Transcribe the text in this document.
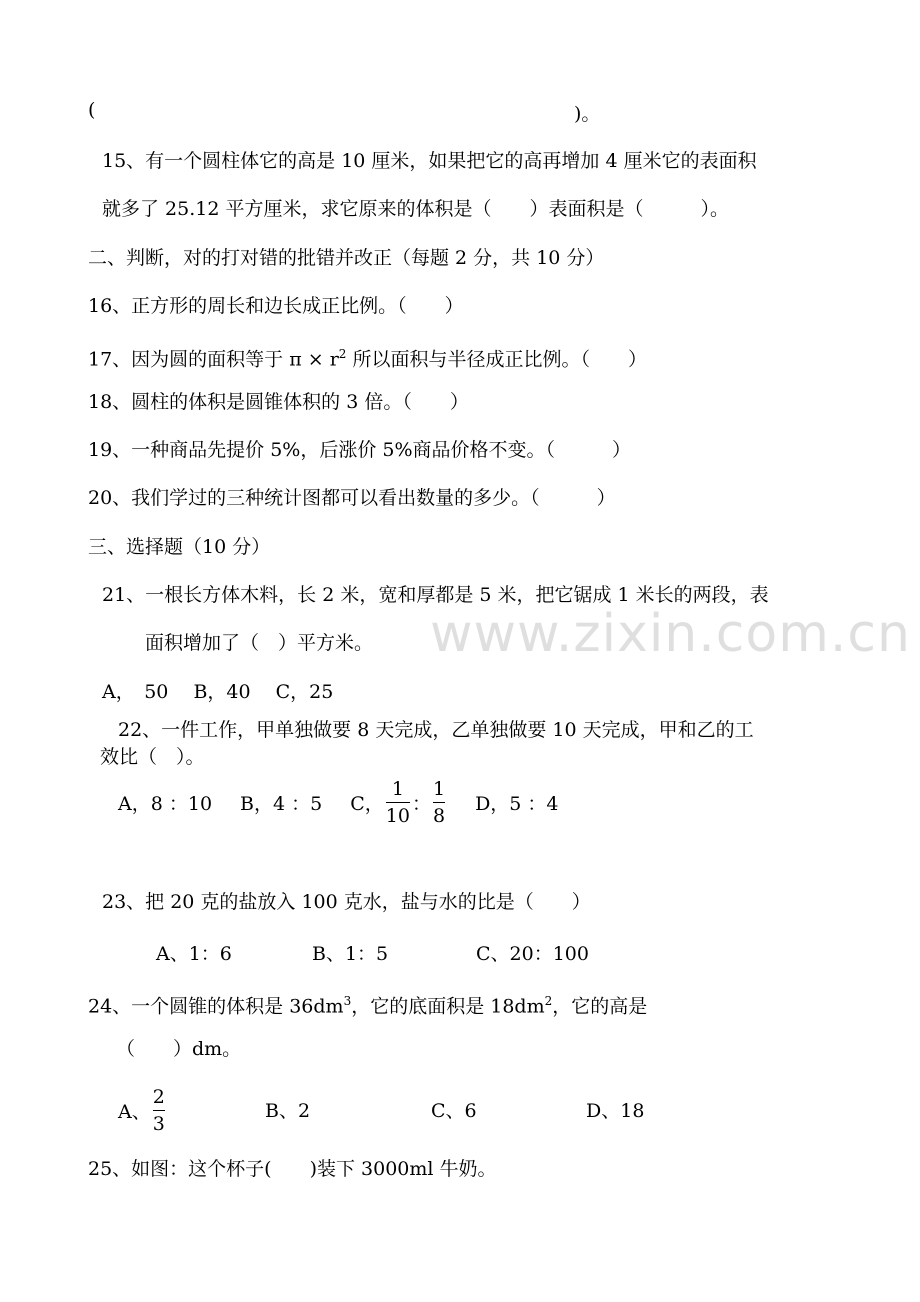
www.zixin.com.cn
(	)。
15、有一个圆柱体它的高是 10 厘米，如果把它的高再增加 4 厘米它的表面积
就多了 25.12 平方厘米，求它原来的体积是（　　）表面积是（　　　）。
二、判断，对的打对错的批错并改正（每题 2 分，共 10 分）
16、正方形的周长和边长成正比例。（　　）
17、因为圆的面积等于 $\pi \times r^2$ 所以面积与半径成正比例。（　　）
18、圆柱的体积是圆锥体积的 3 倍。（　　）
19、一种商品先提价 5%，后涨价 5%商品价格不变。（　　　）
20、我们学过的三种统计图都可以看出数量的多少。（　　　）
三、选择题（10 分）
21、一根长方体木料，长 2 米，宽和厚都是 5 米，把它锯成 1 米长的两段，表
面积增加了（　）平方米。
A，　50　 B，40　 C，25
22、一件工作，甲单独做要 8 天完成，乙单独做要 10 天完成，甲和乙的工
效比（　）。
A，8 ：10 B，4 ：5 C， $\frac{1}{10}$ ： $\frac{1}{8}$ D，5 ：4
23、把 20 克的盐放入 100 克水，盐与水的比是（　　）
A、1：6	B、1：5	C、20：100
24、一个圆锥的体积是 $36dm^3$，它的底面积是 $18dm^2$，它的高是
（　　）dm。
A、 $\frac{2}{3}$	B、2	C、6	D、18
25、如图：这个杯子(　　)装下 3000ml 牛奶。
